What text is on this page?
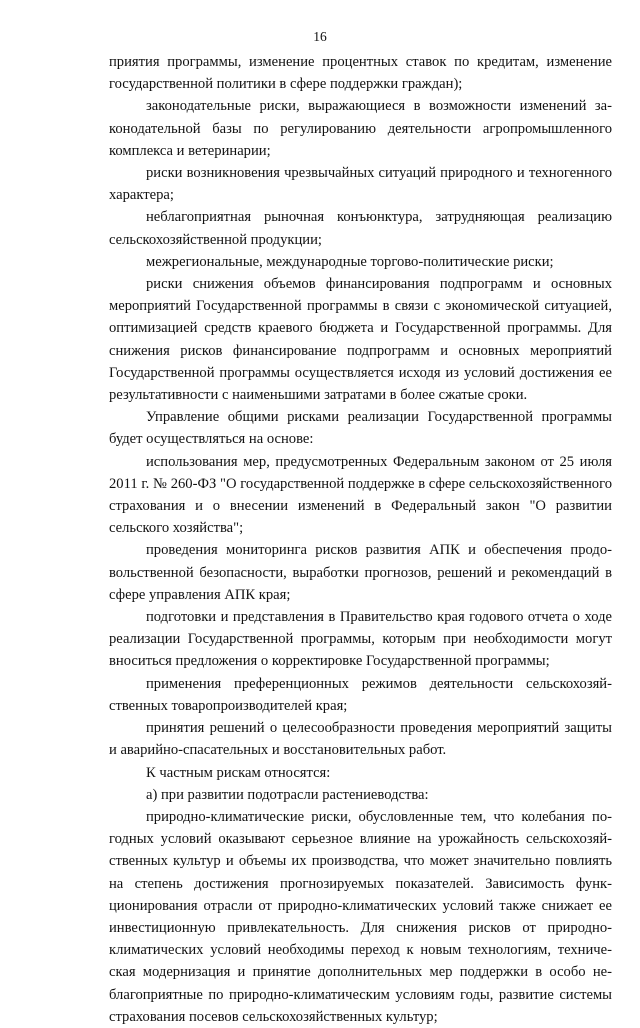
16

приятия программы, изменение процентных ставок по кредитам, изменение государственной политики в сфере поддержки граждан);

законодательные риски, выражающиеся в возможности изменений законодательной базы по регулированию деятельности агропромышленного комплекса и ветеринарии;

риски возникновения чрезвычайных ситуаций природного и техногенного характера;

неблагоприятная рыночная конъюнктура, затрудняющая реализацию сельскохозяйственной продукции;

межрегиональные, международные торгово-политические риски;

риски снижения объемов финансирования подпрограмм и основных мероприятий Государственной программы в связи с экономической ситуацией, оптимизацией средств краевого бюджета и Государственной программы. Для снижения рисков финансирование подпрограмм и основных мероприятий Государственной программы осуществляется исходя из условий достижения ее результативности с наименьшими затратами в более сжатые сроки.

Управление общими рисками реализации Государственной программы будет осуществляться на основе:

использования мер, предусмотренных Федеральным законом от 25 июля 2011 г. № 260-ФЗ "О государственной поддержке в сфере сельскохозяйственного страхования и о внесении изменений в Федеральный закон "О развитии сельского хозяйства";

проведения мониторинга рисков развития АПК и обеспечения продовольственной безопасности, выработки прогнозов, решений и рекомендаций в сфере управления АПК края;

подготовки и представления в Правительство края годового отчета о ходе реализации Государственной программы, которым при необходимости могут вноситься предложения о корректировке Государственной программы;

применения преференционных режимов деятельности сельскохозяйственных товаропроизводителей края;

принятия решений о целесообразности проведения мероприятий защиты и аварийно-спасательных и восстановительных работ.

К частным рискам относятся:

а) при развитии подотрасли растениеводства:

природно-климатические риски, обусловленные тем, что колебания погодных условий оказывают серьезное влияние на урожайность сельскохозяйственных культур и объемы их производства, что может значительно повлиять на степень достижения прогнозируемых показателей. Зависимость функционирования отрасли от природно-климатических условий также снижает ее инвестиционную привлекательность. Для снижения рисков от природно-климатических условий необходимы переход к новым технологиям, техническая модернизация и принятие дополнительных мер поддержки в особо неблагоприятные по природно-климатическим условиям годы, развитие системы страхования посевов сельскохозяйственных культур;
